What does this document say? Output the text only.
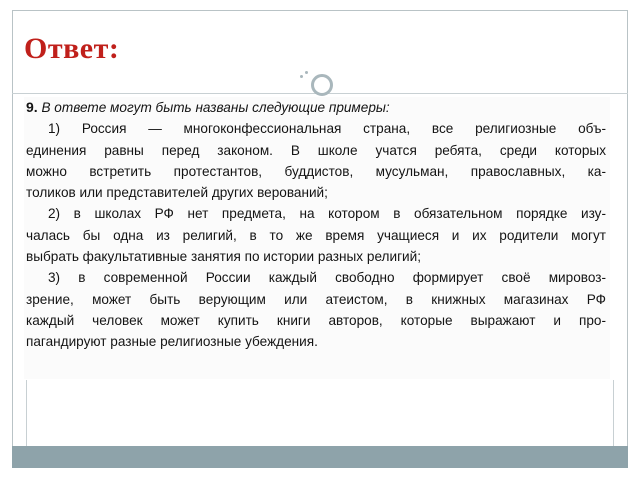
Ответ:
9. В ответе могут быть названы следующие примеры:
1) Россия — многоконфессиональная страна, все религиозные объ-
единения равны перед законом. В школе учатся ребята, среди которых
можно встретить протестантов, буддистов, мусульман, православных, ка-
толиков или представителей других верований;
2) в школах РФ нет предмета, на котором в обязательном порядке изу-
чалась бы одна из религий, в то же время учащиеся и их родители могут
выбрать факультативные занятия по истории разных религий;
3) в современной России каждый свободно формирует своё мировоз-
зрение, может быть верующим или атеистом, в книжных магазинах РФ
каждый человек может купить книги авторов, которые выражают и про-
пагандируют разные религиозные убеждения.
